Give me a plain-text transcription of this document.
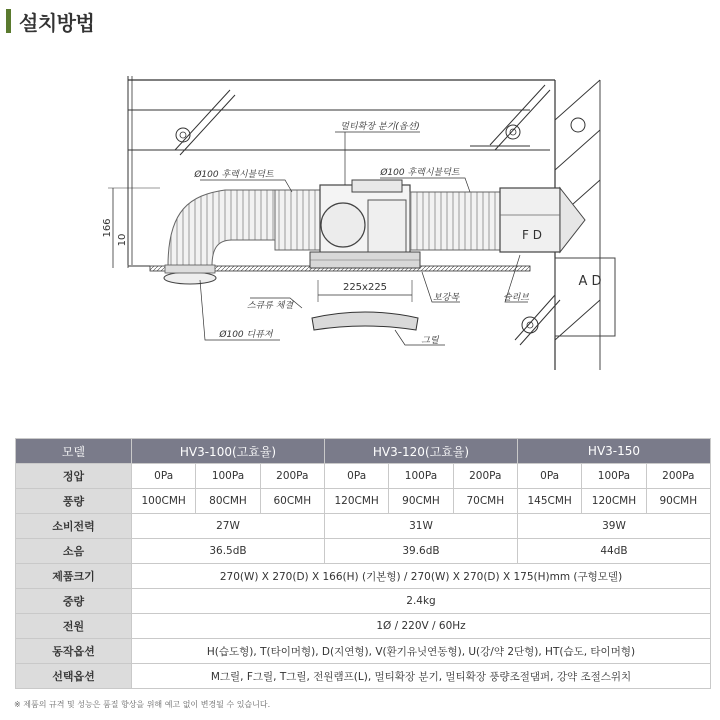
설치방법
A D
F D
166
10
225x225
멀티확장 분기(옵션)
Ø100 후렉시블덕트	Ø100 후렉시블덕트
스큐류 체결
보강목	슬리브
Ø100 디퓨져
그릴
모델	HV3-100(고효율)			HV3-120(고효율)			HV3-150		
정압	0Pa	100Pa	200Pa	0Pa	100Pa	200Pa	0Pa	100Pa	200Pa
풍량	100CMH	80CMH	60CMH	120CMH	90CMH	70CMH	145CMH	120CMH	90CMH
소비전력	27W			31W			39W		
소음	36.5dB			39.6dB			44dB		
제품크기	270(W) X 270(D) X 166(H) (기본형) / 270(W) X 270(D) X 175(H)mm (구형모델)								
중량	2.4kg								
전원	1Ø / 220V / 60Hz								
동작옵션	H(습도형), T(타이머형), D(지연형), V(환기유닛연동형), U(강/약 2단형), HT(습도, 타이머형)								
선택옵션	M그릴, F그릴, T그릴, 전원램프(L), 멀티확장 분기, 멀티확장 풍량조절댐퍼, 강약 조절스위치								
※ 제품의 규격 및 성능은 품질 향상을 위해 예고 없이 변경될 수 있습니다.
